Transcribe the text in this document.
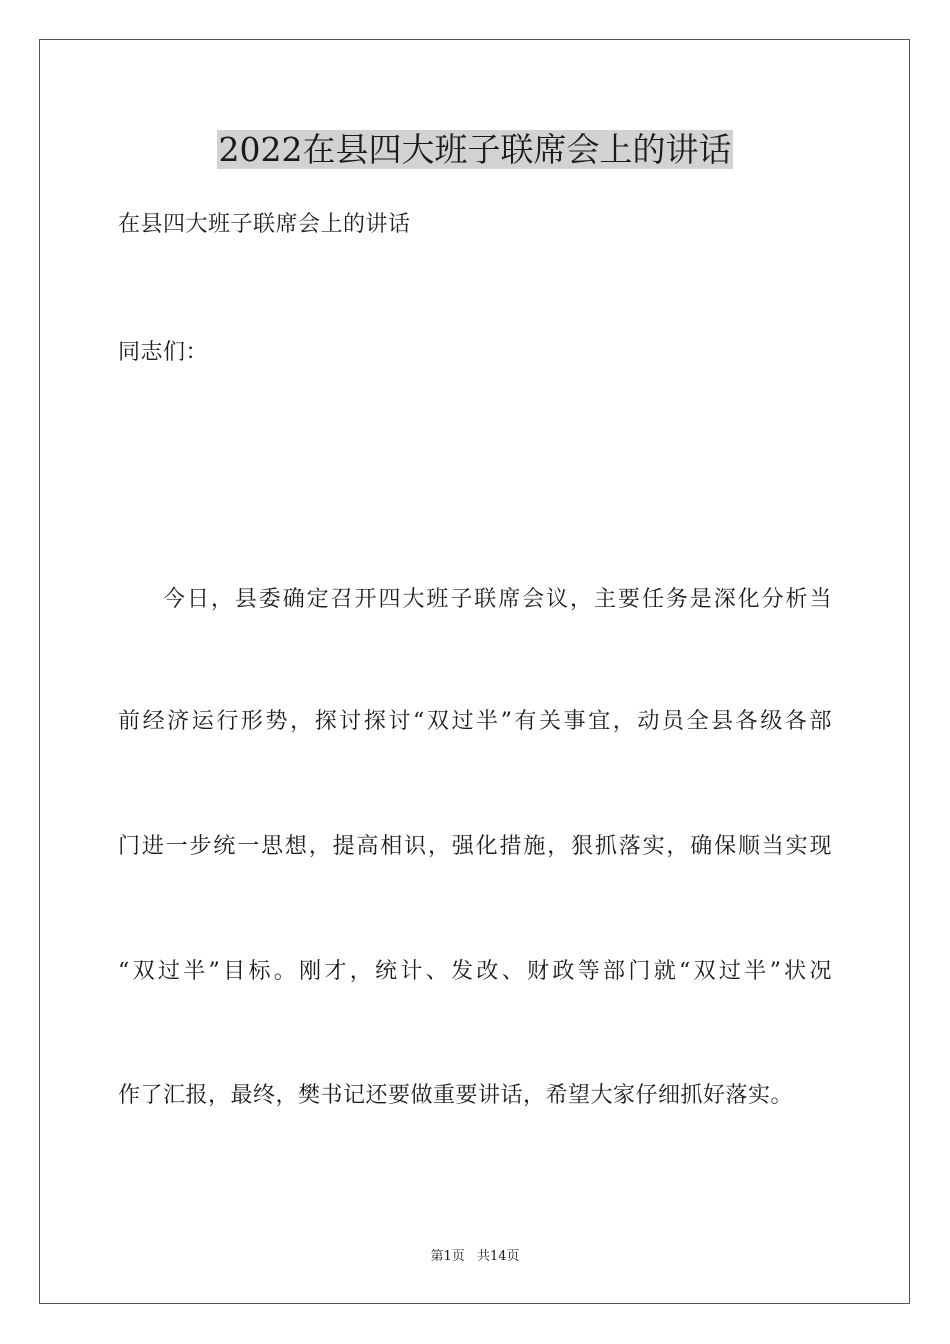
2022在县四大班子联席会上的讲话
在县四大班子联席会上的讲话
同志们：
今日，县委确定召开四大班子联席会议，主要任务是深化分析当
前经济运行形势，探讨探讨“双过半”有关事宜，动员全县各级各部
门进一步统一思想，提高相识，强化措施，狠抓落实，确保顺当实现
“双过半”目标。刚才，统计、发改、财政等部门就“双过半”状况
作了汇报，最终，樊书记还要做重要讲话，希望大家仔细抓好落实。
第1页 共14页
